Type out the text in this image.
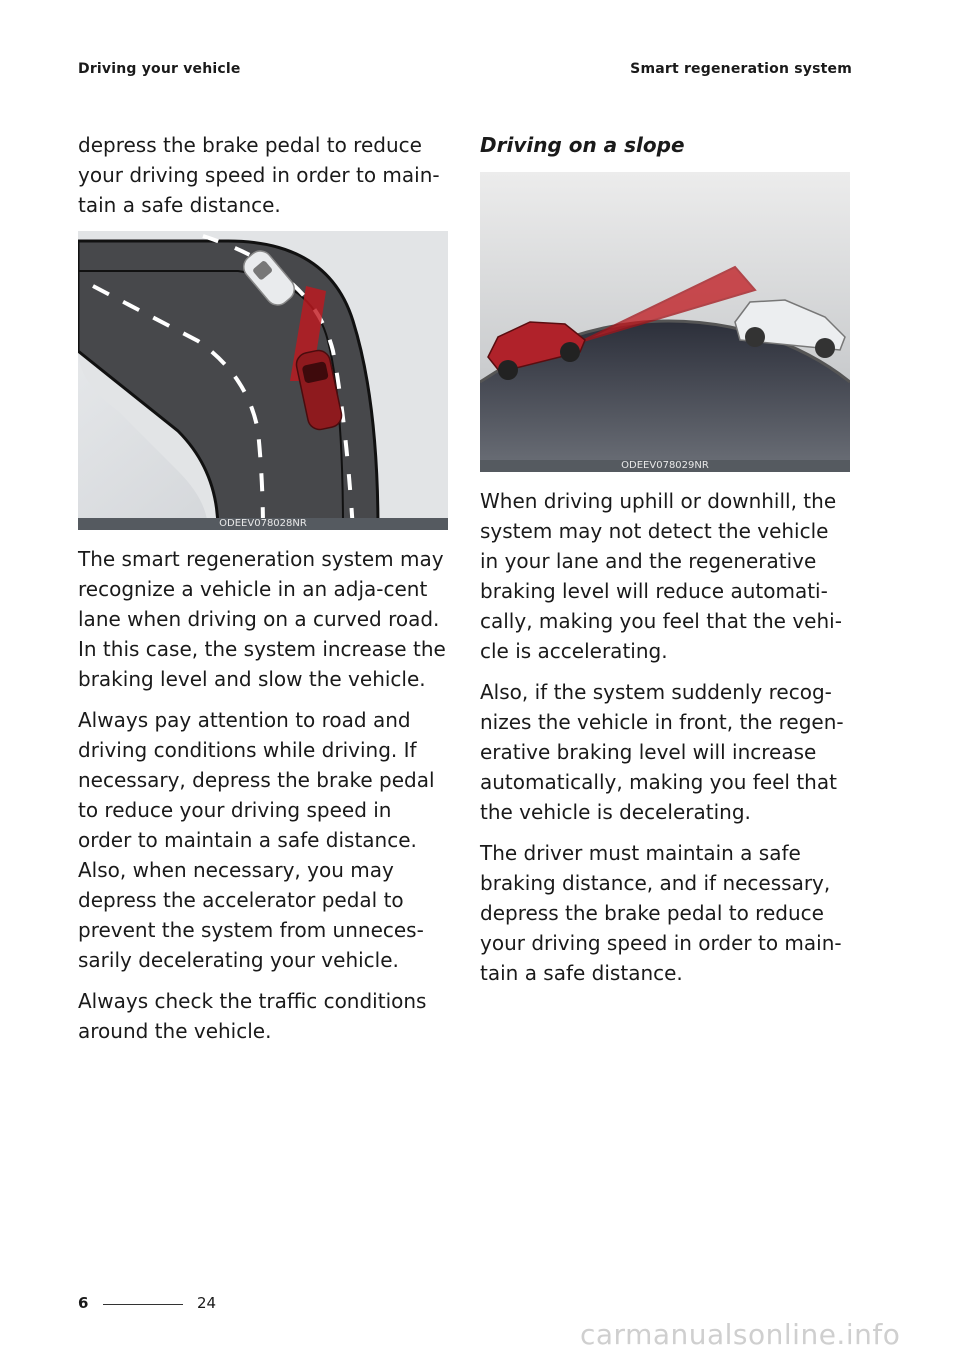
Driving your vehicle	Smart regeneration system

depress the brake pedal to reduce your driving speed in order to main-tain a safe distance.

ODEEV078028NR

The smart regeneration system may recognize a vehicle in an adja-cent lane when driving on a curved road. In this case, the system increase the braking level and slow the vehicle.

Always pay attention to road and driving conditions while driving. If necessary, depress the brake pedal to reduce your driving speed in order to maintain a safe distance. Also, when necessary, you may depress the accelerator pedal to prevent the system from unneces-sarily decelerating your vehicle.

Always check the traffic conditions around the vehicle.

Driving on a slope
ODEEV078029NR

When driving uphill or downhill, the system may not detect the vehicle in your lane and the regenerative braking level will reduce automati-cally, making you feel that the vehi-cle is accelerating.

Also, if the system suddenly recog-nizes the vehicle in front, the regen-erative braking level will increase automatically, making you feel that the vehicle is decelerating.

The driver must maintain a safe braking distance, and if necessary, depress the brake pedal to reduce your driving speed in order to main-tain a safe distance.

6	24
carmanualsonline.info
